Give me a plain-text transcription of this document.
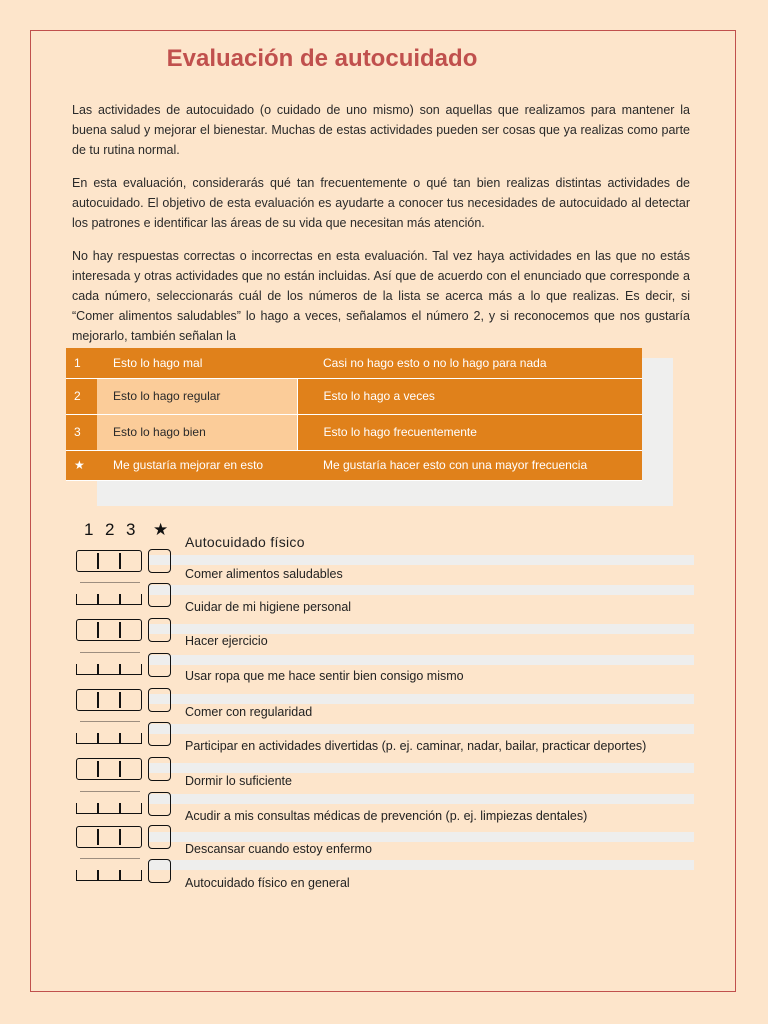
Evaluación de autocuidado

Las actividades de autocuidado (o cuidado de uno mismo) son aquellas que realizamos para mantener la buena salud y mejorar el bienestar. Muchas de estas actividades pueden ser cosas que ya realizas como parte de tu rutina normal.

En esta evaluación, considerarás qué tan frecuentemente o qué tan bien realizas distintas actividades de autocuidado. El objetivo de esta evaluación es ayudarte a conocer tus necesidades de autocuidado al detectar los patrones e identificar las áreas de su vida que necesitan más atención.

No hay respuestas correctas o incorrectas en esta evaluación. Tal vez haya actividades en las que no estás interesada y otras actividades que no están incluidas. Así que de acuerdo con el enunciado que corresponde a cada número, seleccionarás cuál de los números de la lista se acerca más a lo que realizas. Es decir, si “Comer alimentos saludables” lo hago a veces, señalamos el número 2, y si reconocemos que nos gustaría mejorarlo, también señalan la

1	Esto lo hago mal	Casi no hago esto o no lo hago para nada
2	Esto lo hago regular	Esto lo hago a veces
3	Esto lo hago bien	Esto lo hago frecuentemente
★	Me gustaría mejorar en esto	Me gustaría hacer esto con una mayor frecuencia
1 2 3 ★
Autocuidado físico
Comer alimentos saludables
Cuidar de mi higiene personal
Hacer ejercicio
Usar ropa que me hace sentir bien consigo mismo
Comer con regularidad
Participar en actividades divertidas (p. ej. caminar, nadar, bailar, practicar deportes)
Dormir lo suficiente
Acudir a mis consultas médicas de prevención (p. ej. limpiezas dentales)
Descansar cuando estoy enfermo
Autocuidado físico en general
